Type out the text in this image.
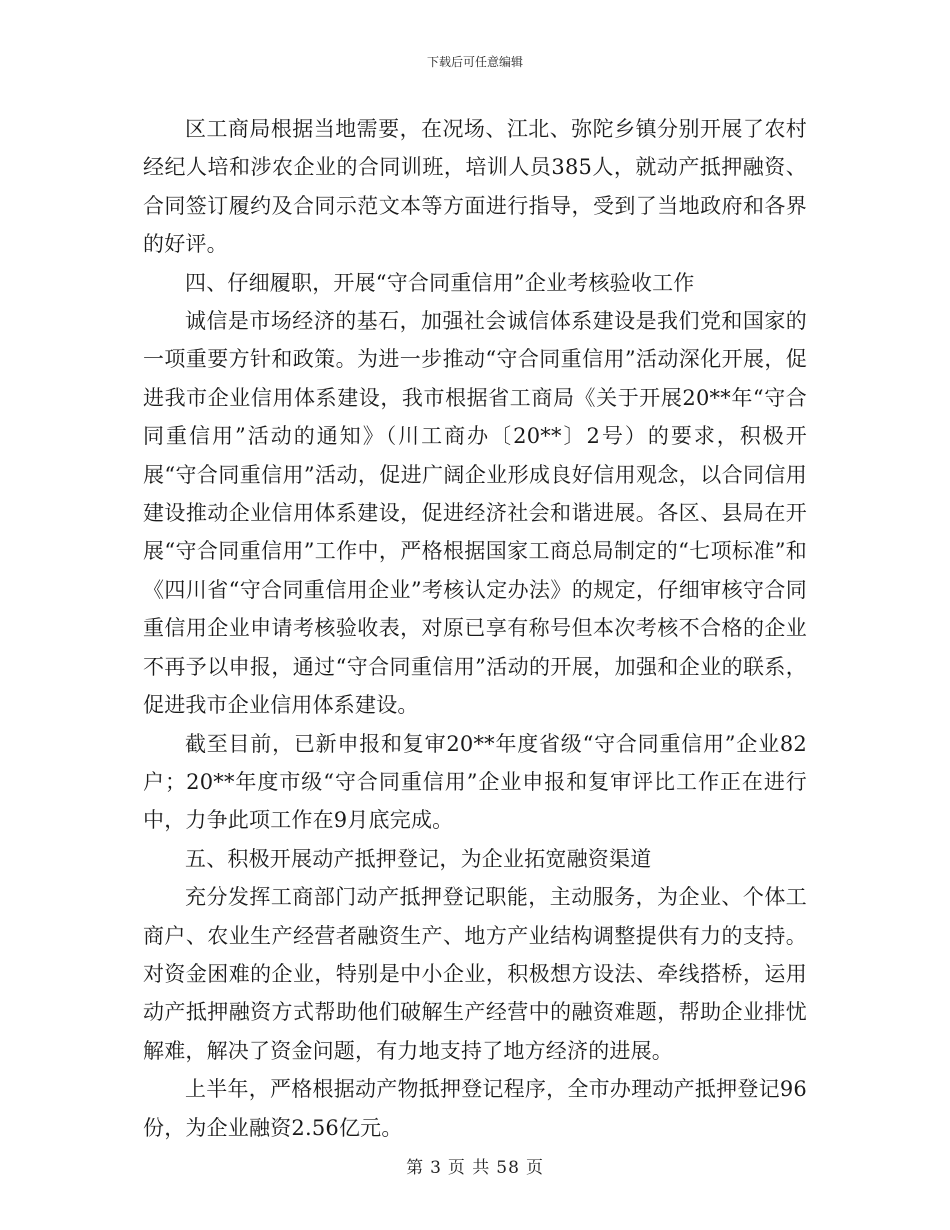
下载后可任意编辑

区工商局根据当地需要，在况场、江北、弥陀乡镇分别开展了农村经纪人培和涉农企业的合同训班，培训人员385人，就动产抵押融资、合同签订履约及合同示范文本等方面进行指导，受到了当地政府和各界的好评。

四、仔细履职，开展“守合同重信用”企业考核验收工作

诚信是市场经济的基石，加强社会诚信体系建设是我们党和国家的一项重要方针和政策。为进一步推动“守合同重信用”活动深化开展，促进我市企业信用体系建设，我市根据省工商局《关于开展20**年“守合同重信用”活动的通知》（川工商办〔20**〕2号）的要求，积极开展“守合同重信用”活动，促进广阔企业形成良好信用观念，以合同信用建设推动企业信用体系建设，促进经济社会和谐进展。各区、县局在开展“守合同重信用”工作中，严格根据国家工商总局制定的“七项标准”和《四川省“守合同重信用企业”考核认定办法》的规定，仔细审核守合同重信用企业申请考核验收表，对原已享有称号但本次考核不合格的企业不再予以申报，通过“守合同重信用”活动的开展，加强和企业的联系，促进我市企业信用体系建设。

截至目前，已新申报和复审20**年度省级“守合同重信用”企业82户；20**年度市级“守合同重信用”企业申报和复审评比工作正在进行中，力争此项工作在9月底完成。

五、积极开展动产抵押登记，为企业拓宽融资渠道

充分发挥工商部门动产抵押登记职能，主动服务，为企业、个体工商户、农业生产经营者融资生产、地方产业结构调整提供有力的支持。对资金困难的企业，特别是中小企业，积极想方设法、牵线搭桥，运用动产抵押融资方式帮助他们破解生产经营中的融资难题，帮助企业排忧解难，解决了资金问题，有力地支持了地方经济的进展。

上半年，严格根据动产物抵押登记程序，全市办理动产抵押登记96份，为企业融资2.56亿元。

第 3 页 共 58 页
